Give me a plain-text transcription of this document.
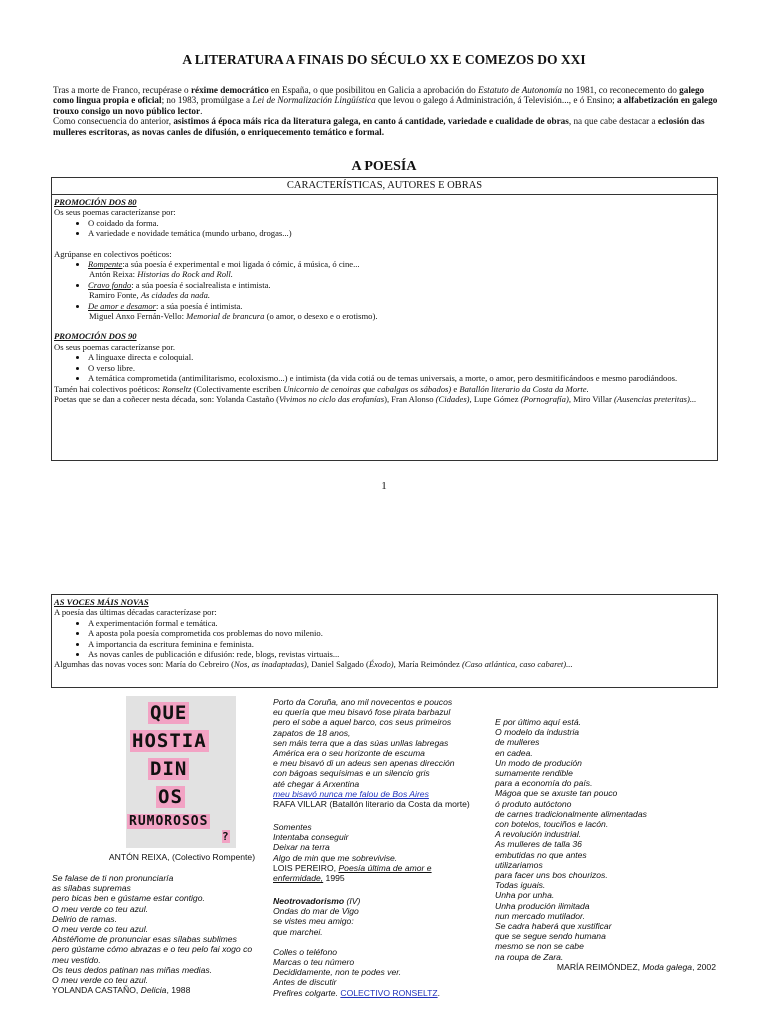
A LITERATURA A FINAIS DO SÉCULO XX E COMEZOS DO XXI
Tras a morte de Franco, recupérase o réxime democrático en España, o que posibilitou en Galicia a aprobación do Estatuto de Autonomía no 1981, co reconecemento do galego como lingua propia e oficial; no 1983, promúlgase a Lei de Normalización Lingüística que levou o galego á Administración, á Televisión..., e ó Ensino; a alfabetización en galego trouxo consigo un novo público lector.
Como consecuencia do anterior, asistimos á época máis rica da literatura galega, en canto á cantidade, variedade e cualidade de obras, na que cabe destacar a eclosión das mulleres escritoras, as novas canles de difusión, o enriquecemento temático e formal.
A POESÍA
CARACTERÍSTICAS, AUTORES E OBRAS
PROMOCIÓN DOS 80
Os seus poemas caracterízanse por:
• O coidado da forma.
• A variedade e novidade temática (mundo urbano, drogas...)
Agrúpanse en colectivos poéticos:
• Rompente:a súa poesía é experimental e moi ligada ó cómic, á música, ó cine...
Antón Reixa: Historias do Rock and Roll.
• Cravo fondo: a súa poesía é socialrealista e intimista.
Ramiro Fonte, As cidades da nada.
• De amor e desamor: a súa poesía é intimista.
Miguel Anxo Fernán-Vello: Memorial de brancura (o amor, o desexo e o erotismo).
PROMOCIÓN DOS 90
Os seus poemas caracterízanse por.
• A linguaxe directa e coloquial.
• O verso libre.
• A temática comprometida (antimilitarismo, ecoloxismo...) e intimista (da vida cotiá ou de temas universais, a morte, o amor, pero desmitificándoos e mesmo parodiándoos.
Tamén hai colectivos poéticos: Ronseltz (Colectivamente escriben Unicornio de cenoiras que cabalgas os sábados) e Batallón literario da Costa da Morte.
Poetas que se dan a coñecer nesta década, son: Yolanda Castaño (Vivimos no ciclo das erofanías), Fran Alonso (Cidades), Lupe Gómez (Pornografía), Miro Villar (Ausencias preteritas)...
1
AS VOCES MÁIS NOVAS
A poesía das últimas décadas caracterízase por:
• A experimentación formal e temática.
• A aposta pola poesía comprometida cos problemas do novo milenio.
• A importancia da escritura feminina e feminista.
• As novas canles de publicación e difusión: rede, blogs, revistas virtuais...
Algumhas das novas voces son: María do Cebreiro (Nos, as inadaptadas), Daniel Salgado (Éxodo), María Reimóndez (Caso atlántica, caso cabaret)...
QUE
HOSTIA
DIN
OS
RUMOROSOS
?
ANTÓN REIXA, (Colectivo Rompente)
Se falase de ti non pronunciaría
as sílabas supremas
pero bicas ben e gústame estar contigo.
O meu verde co teu azul.
Delirio de ramas.
O meu verde co teu azul.
Abstéñome de pronunciar esas sílabas sublimes
pero gústame cómo abrazas e o teu pelo fai xogo co
meu vestido.
Os teus dedos patinan nas miñas medias.
O meu verde co teu azul.
YOLANDA CASTAÑO, Delicia, 1988
Porto da Coruña, ano mil novecentos e poucos
eu quería que meu bisavó fose pirata barbazul
pero el sobe a aquel barco, cos seus primeiros
zapatos de 18 anos,
sen máis terra que a das súas unllas labregas
América era o seu horizonte de escuma
e meu bisavó di un adeus sen apenas dirección
con bágoas sequísimas e un silencio gris
até chegar á Arxentina
meu bisavó nunca me falou de Bos Aires
RAFA VILLAR (Batallón literario da Costa da morte)
Somentes
Intentaba conseguir
Deixar na terra
Algo de min que me sobrevivise.
LOIS PEREIRO, Poesía última de amor e
enfermidade, 1995
Neotrovadorismo (IV)
Ondas do mar de Vigo
se vistes meu amigo:
que marchei.
Colles o teléfono
Marcas o teu número
Decididamente, non te podes ver.
Antes de discutir
Prefires colgarte. COLECTIVO RONSELTZ.
E por último aquí está.
O modelo da industria
de mulleres
en cadea.
Un modo de produción
sumamente rendible
para a economía do país.
Mágoa que se axuste tan pouco
ó produto autóctono
de carnes tradicionalmente alimentadas
con botelos, touciños e lacón.
A revolución industrial.
As mulleres de talla 36
embutidas no que antes
utilizariamos
para facer uns bos chourizos.
Todas iguais.
Unha por unha.
Unha produción ilimitada
nun mercado mutilador.
Se cadra haberá que xustificar
que se segue sendo humana
mesmo se non se cabe
na roupa de Zara.
MARÍA REIMÓNDEZ, Moda galega, 2002
